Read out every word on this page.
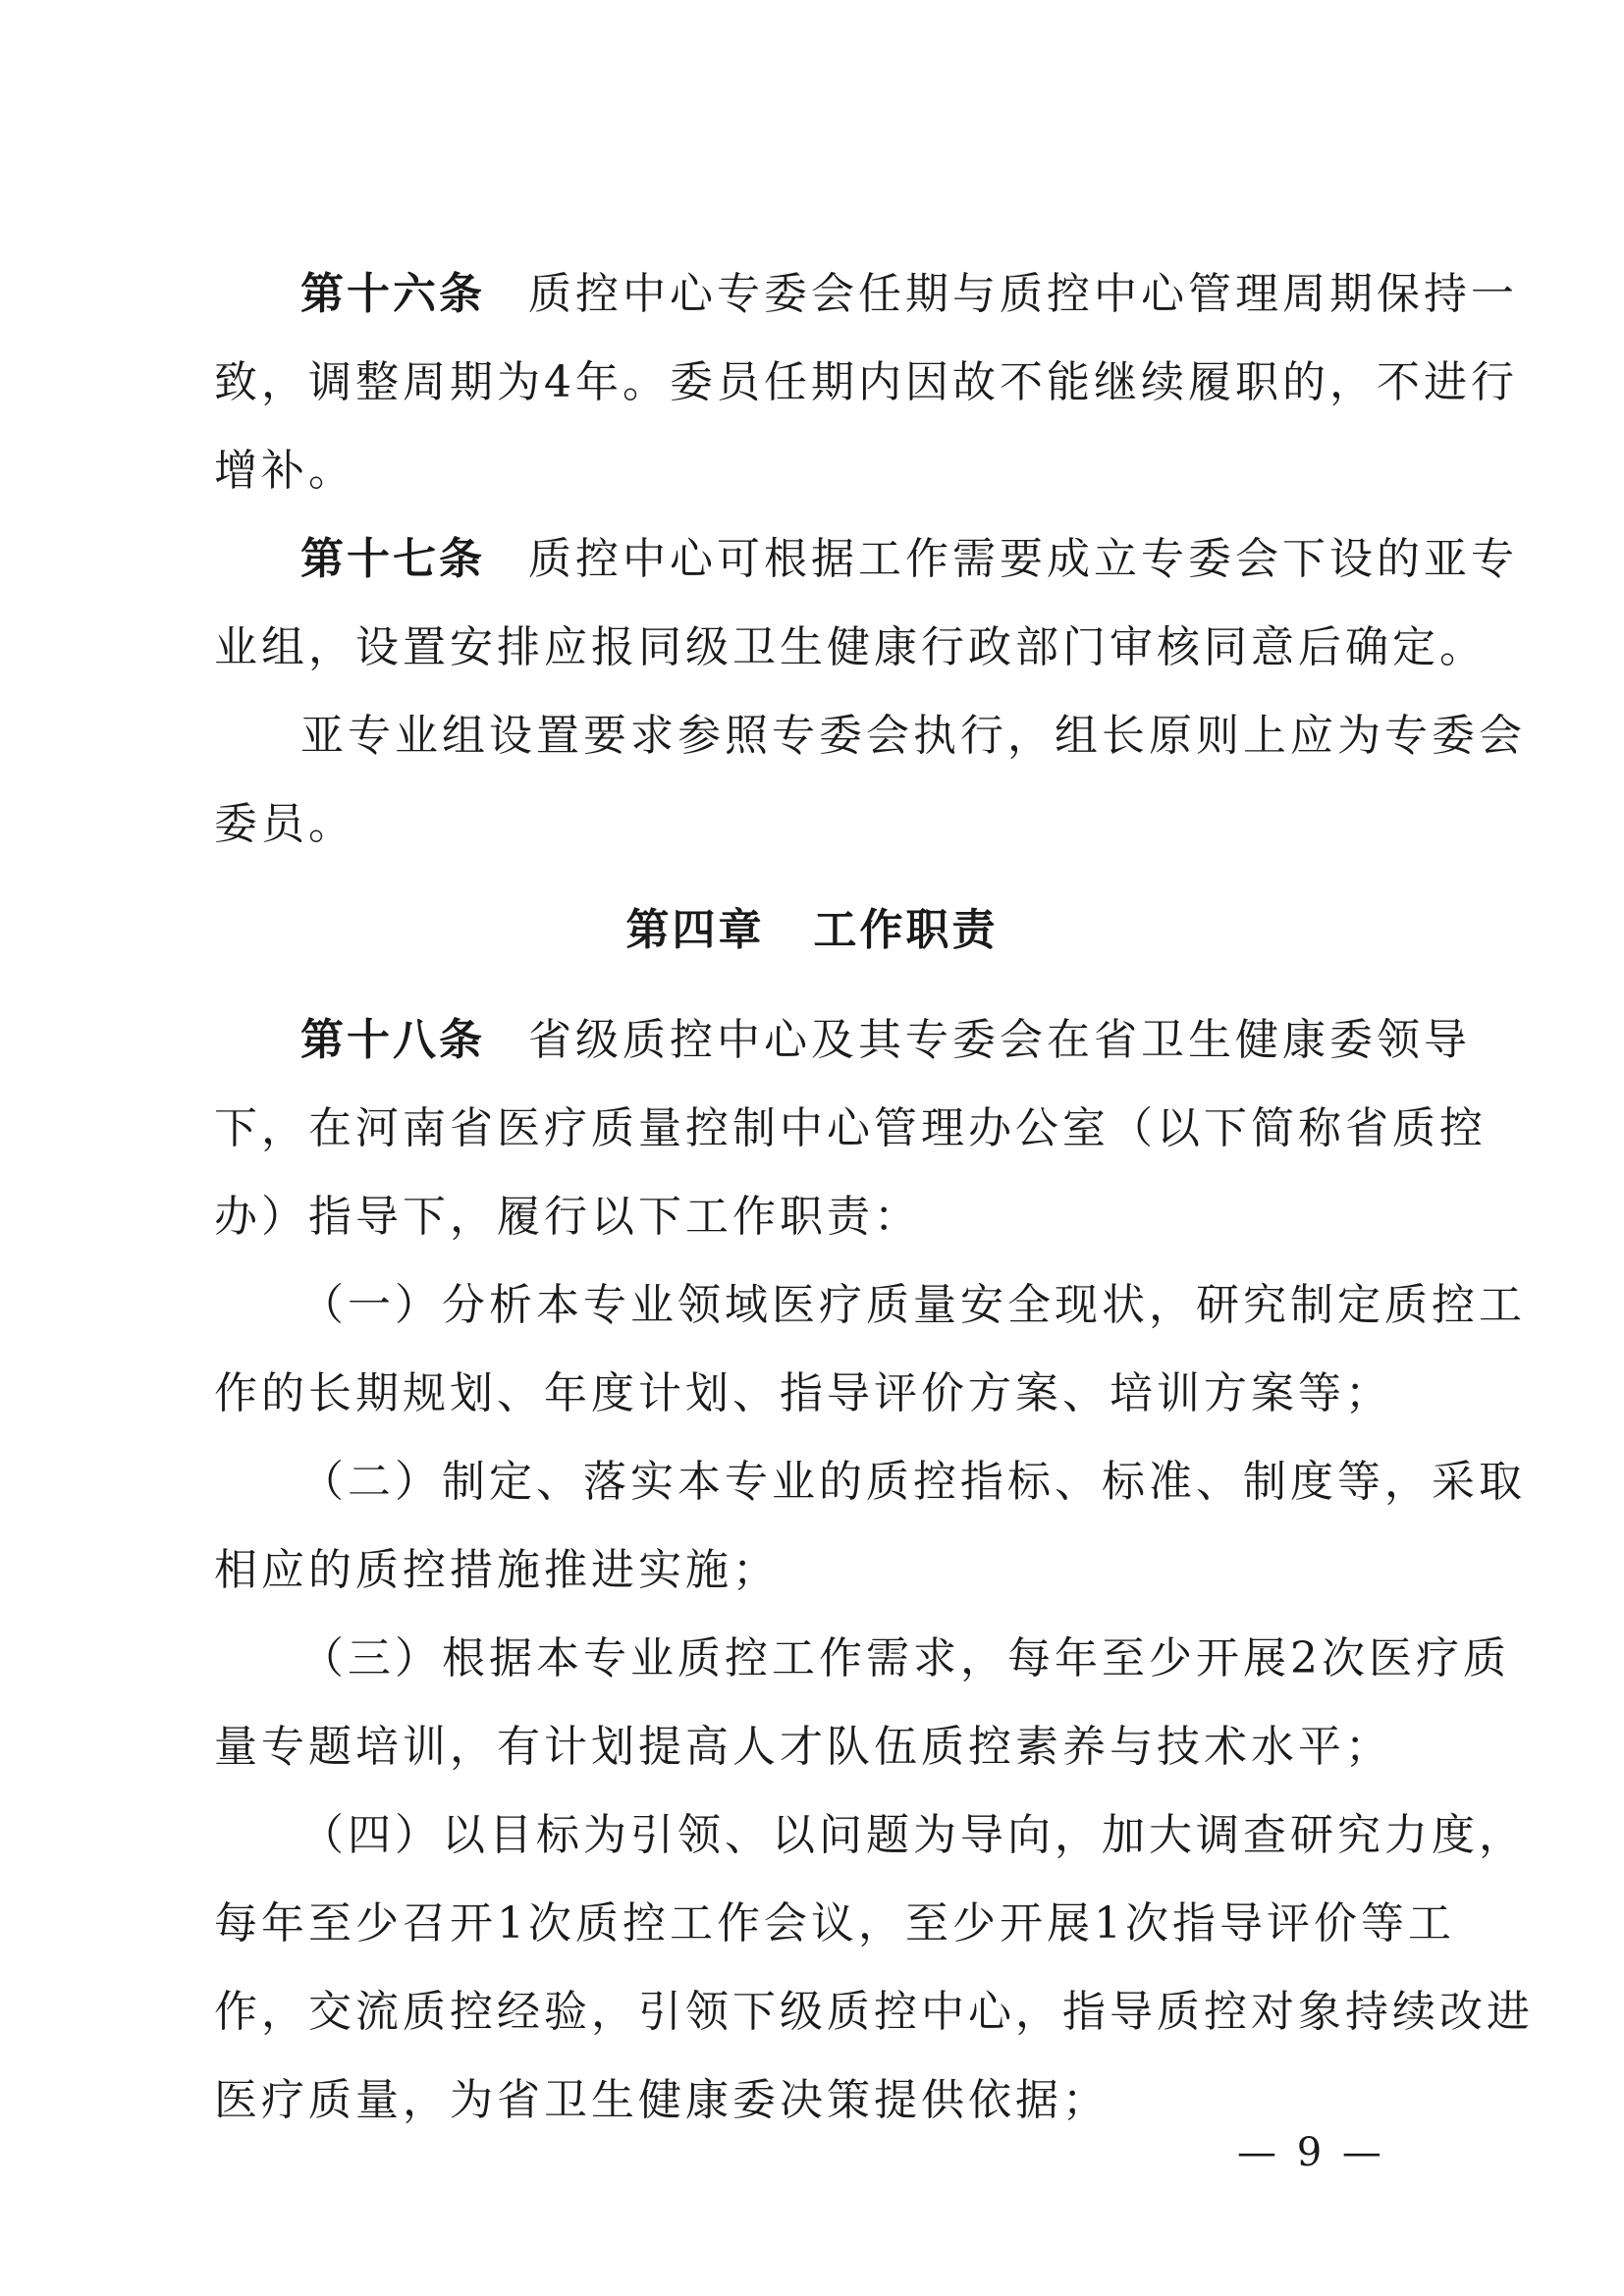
第十六条 质控中心专委会任期与质控中心管理周期保持一
致，调整周期为4年。委员任期内因故不能继续履职的，不进行
增补。
第十七条 质控中心可根据工作需要成立专委会下设的亚专
业组，设置安排应报同级卫生健康行政部门审核同意后确定。
亚专业组设置要求参照专委会执行，组长原则上应为专委会
委员。
第四章 工作职责
第十八条 省级质控中心及其专委会在省卫生健康委领导
下，在河南省医疗质量控制中心管理办公室（以下简称省质控
办）指导下，履行以下工作职责：
（一）分析本专业领域医疗质量安全现状，研究制定质控工
作的长期规划、年度计划、指导评价方案、培训方案等；
（二）制定、落实本专业的质控指标、标准、制度等，采取
相应的质控措施推进实施；
（三）根据本专业质控工作需求，每年至少开展2次医疗质
量专题培训，有计划提高人才队伍质控素养与技术水平；
（四）以目标为引领、以问题为导向，加大调查研究力度，
每年至少召开1次质控工作会议，至少开展1次指导评价等工
作，交流质控经验，引领下级质控中心，指导质控对象持续改进
医疗质量，为省卫生健康委决策提供依据；
— 9 —
